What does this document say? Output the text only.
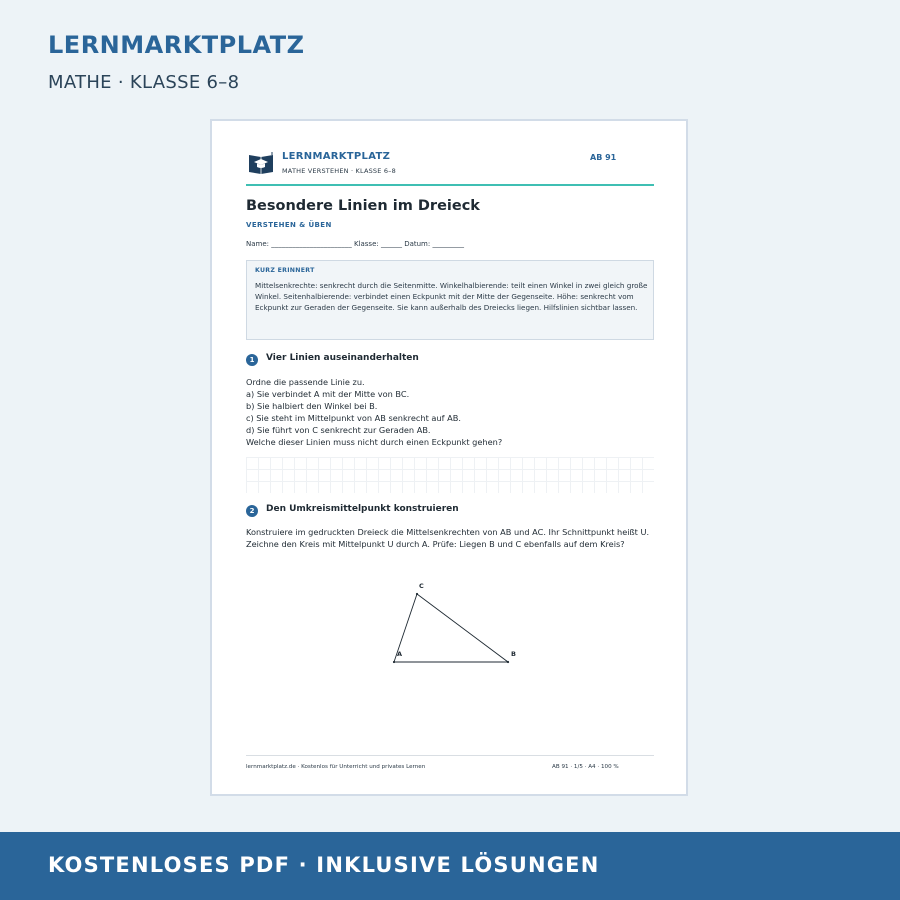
LERNMARKTPLATZ
MATHE · KLASSE 6–8
LERNMARKTPLATZ
MATHE VERSTEHEN · KLASSE 6–8
AB 91
Besondere Linien im Dreieck
VERSTEHEN & ÜBEN
Name: _______________________ Klasse: ______ Datum: _________
KURZ ERINNERT
Mittelsenkrechte: senkrecht durch die Seitenmitte. Winkelhalbierende: teilt einen Winkel in zwei gleich große Winkel. Seitenhalbierende: verbindet einen Eckpunkt mit der Mitte der Gegenseite. Höhe: senkrecht vom Eckpunkt zur Geraden der Gegenseite. Sie kann außerhalb des Dreiecks liegen. Hilfslinien sichtbar lassen.
1 Vier Linien auseinanderhalten
Ordne die passende Linie zu.
a) Sie verbindet A mit der Mitte von BC.
b) Sie halbiert den Winkel bei B.
c) Sie steht im Mittelpunkt von AB senkrecht auf AB.
d) Sie führt von C senkrecht zur Geraden AB.
Welche dieser Linien muss nicht durch einen Eckpunkt gehen?
2 Den Umkreismittelpunkt konstruieren
Konstruiere im gedruckten Dreieck die Mittelsenkrechten von AB und AC. Ihr Schnittpunkt heißt U. Zeichne den Kreis mit Mittelpunkt U durch A. Prüfe: Liegen B und C ebenfalls auf dem Kreis?
A	B
C
lernmarktplatz.de · Kostenlos für Unterricht und privates Lernen	AB 91 · 1/5 · A4 · 100 %
KOSTENLOSES PDF · INKLUSIVE LÖSUNGEN
